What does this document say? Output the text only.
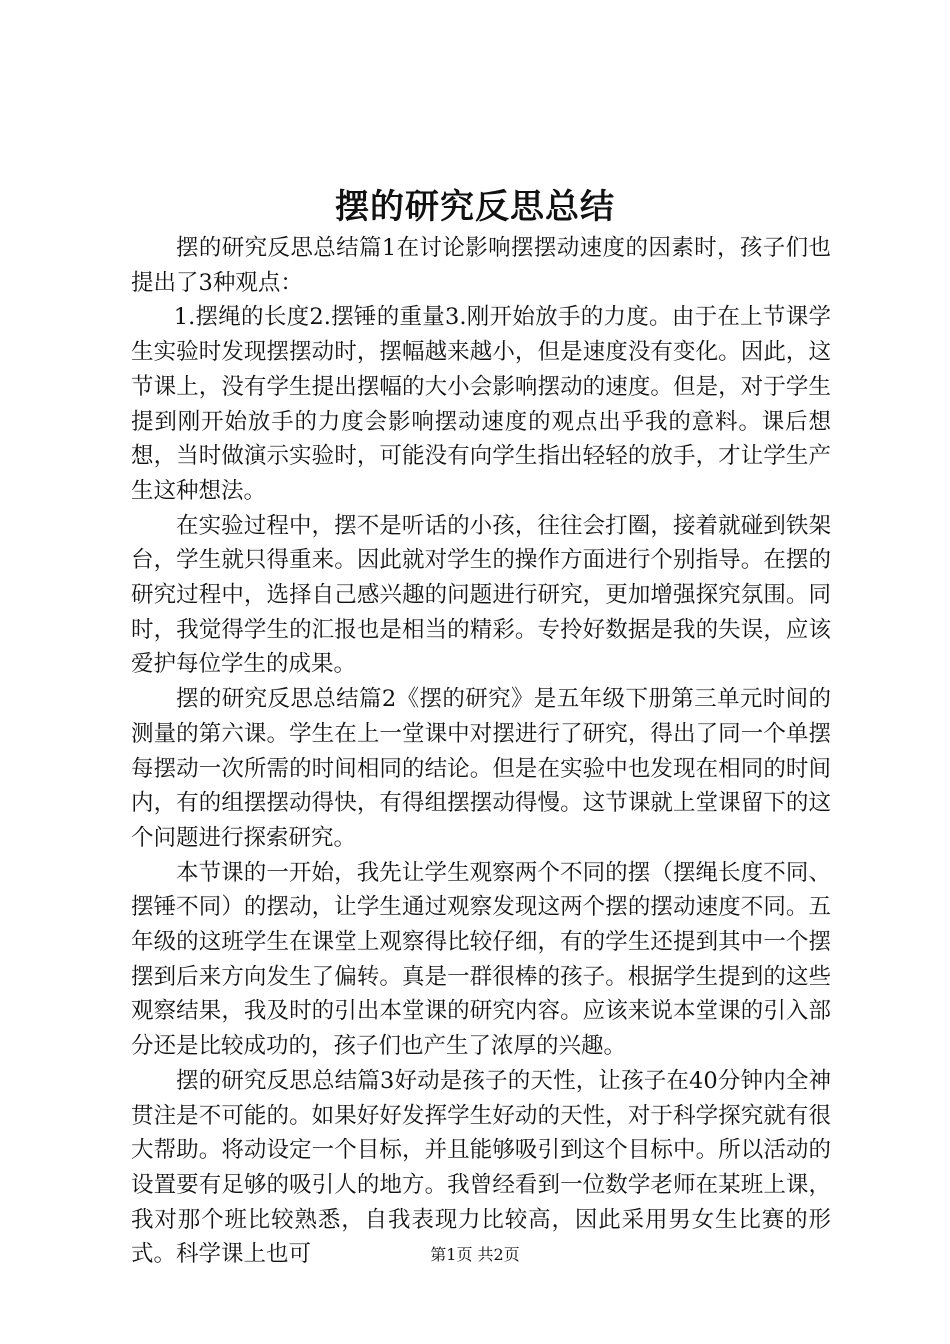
摆的研究反思总结

摆的研究反思总结篇1在讨论影响摆摆动速度的因素时，孩子们也提出了3种观点：

1.摆绳的长度2.摆锤的重量3.刚开始放手的力度。由于在上节课学生实验时发现摆摆动时，摆幅越来越小，但是速度没有变化。因此，这节课上，没有学生提出摆幅的大小会影响摆动的速度。但是，对于学生提到刚开始放手的力度会影响摆动速度的观点出乎我的意料。课后想想，当时做演示实验时，可能没有向学生指出轻轻的放手，才让学生产生这种想法。

在实验过程中，摆不是听话的小孩，往往会打圈，接着就碰到铁架台，学生就只得重来。因此就对学生的操作方面进行个别指导。在摆的研究过程中，选择自己感兴趣的问题进行研究，更加增强探究氛围。同时，我觉得学生的汇报也是相当的精彩。专拎好数据是我的失误，应该爱护每位学生的成果。

摆的研究反思总结篇2《摆的研究》是五年级下册第三单元时间的测量的第六课。学生在上一堂课中对摆进行了研究，得出了同一个单摆每摆动一次所需的时间相同的结论。但是在实验中也发现在相同的时间内，有的组摆摆动得快，有得组摆摆动得慢。这节课就上堂课留下的这个问题进行探索研究。

本节课的一开始，我先让学生观察两个不同的摆（摆绳长度不同、摆锤不同）的摆动，让学生通过观察发现这两个摆的摆动速度不同。五年级的这班学生在课堂上观察得比较仔细，有的学生还提到其中一个摆摆到后来方向发生了偏转。真是一群很棒的孩子。根据学生提到的这些观察结果，我及时的引出本堂课的研究内容。应该来说本堂课的引入部分还是比较成功的，孩子们也产生了浓厚的兴趣。

摆的研究反思总结篇3好动是孩子的天性，让孩子在40分钟内全神贯注是不可能的。如果好好发挥学生好动的天性，对于科学探究就有很大帮助。将动设定一个目标，并且能够吸引到这个目标中。所以活动的设置要有足够的吸引人的地方。我曾经看到一位数学老师在某班上课，我对那个班比较熟悉，自我表现力比较高，因此采用男女生比赛的形式。科学课上也可	第1页 共2页
